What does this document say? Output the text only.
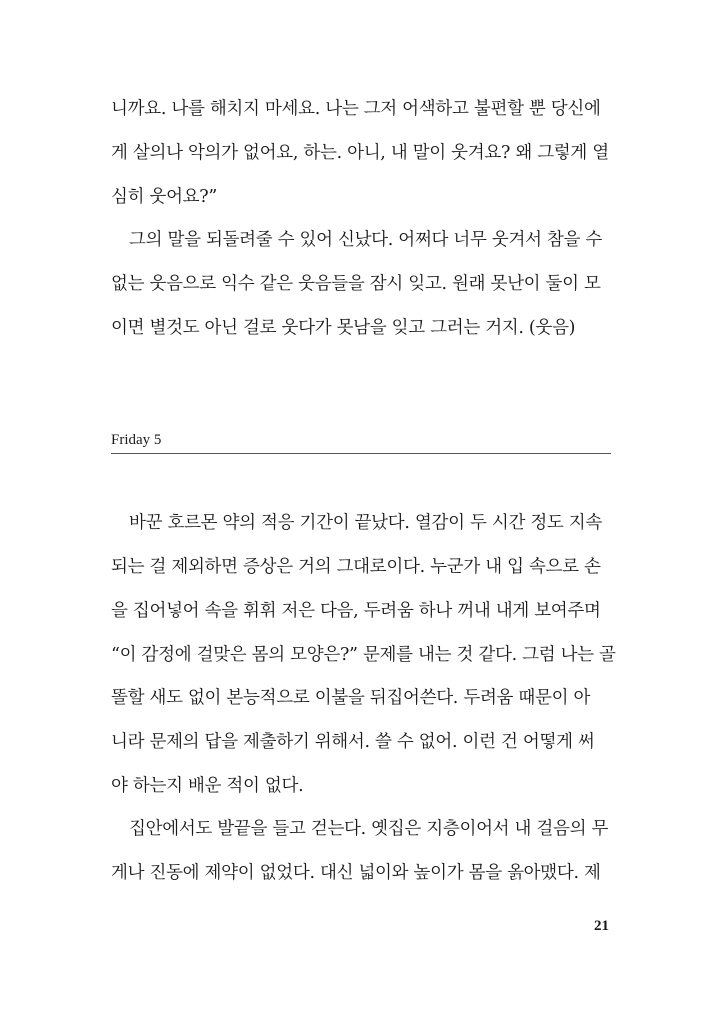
니까요. 나를 해치지 마세요. 나는 그저 어색하고 불편할 뿐 당신에
게 살의나 악의가 없어요, 하는. 아니, 내 말이 웃겨요? 왜 그렇게 열
심히 웃어요?”
그의 말을 되돌려줄 수 있어 신났다. 어쩌다 너무 웃겨서 참을 수
없는 웃음으로 익수 같은 웃음들을 잠시 잊고. 원래 못난이 둘이 모
이면 별것도 아닌 걸로 웃다가 못남을 잊고 그러는 거지. (웃음)
Friday 5
바꾼 호르몬 약의 적응 기간이 끝났다. 열감이 두 시간 정도 지속
되는 걸 제외하면 증상은 거의 그대로이다. 누군가 내 입 속으로 손
을 집어넣어 속을 휘휘 저은 다음, 두려움 하나 꺼내 내게 보여주며
“이 감정에 걸맞은 몸의 모양은?” 문제를 내는 것 같다. 그럼 나는 골
똘할 새도 없이 본능적으로 이불을 뒤집어쓴다. 두려움 때문이 아
니라 문제의 답을 제출하기 위해서. 쓸 수 없어. 이런 건 어떻게 써
야 하는지 배운 적이 없다.
집안에서도 발끝을 들고 걷는다. 옛집은 지층이어서 내 걸음의 무
게나 진동에 제약이 없었다. 대신 넓이와 높이가 몸을 옭아맸다. 제
21
